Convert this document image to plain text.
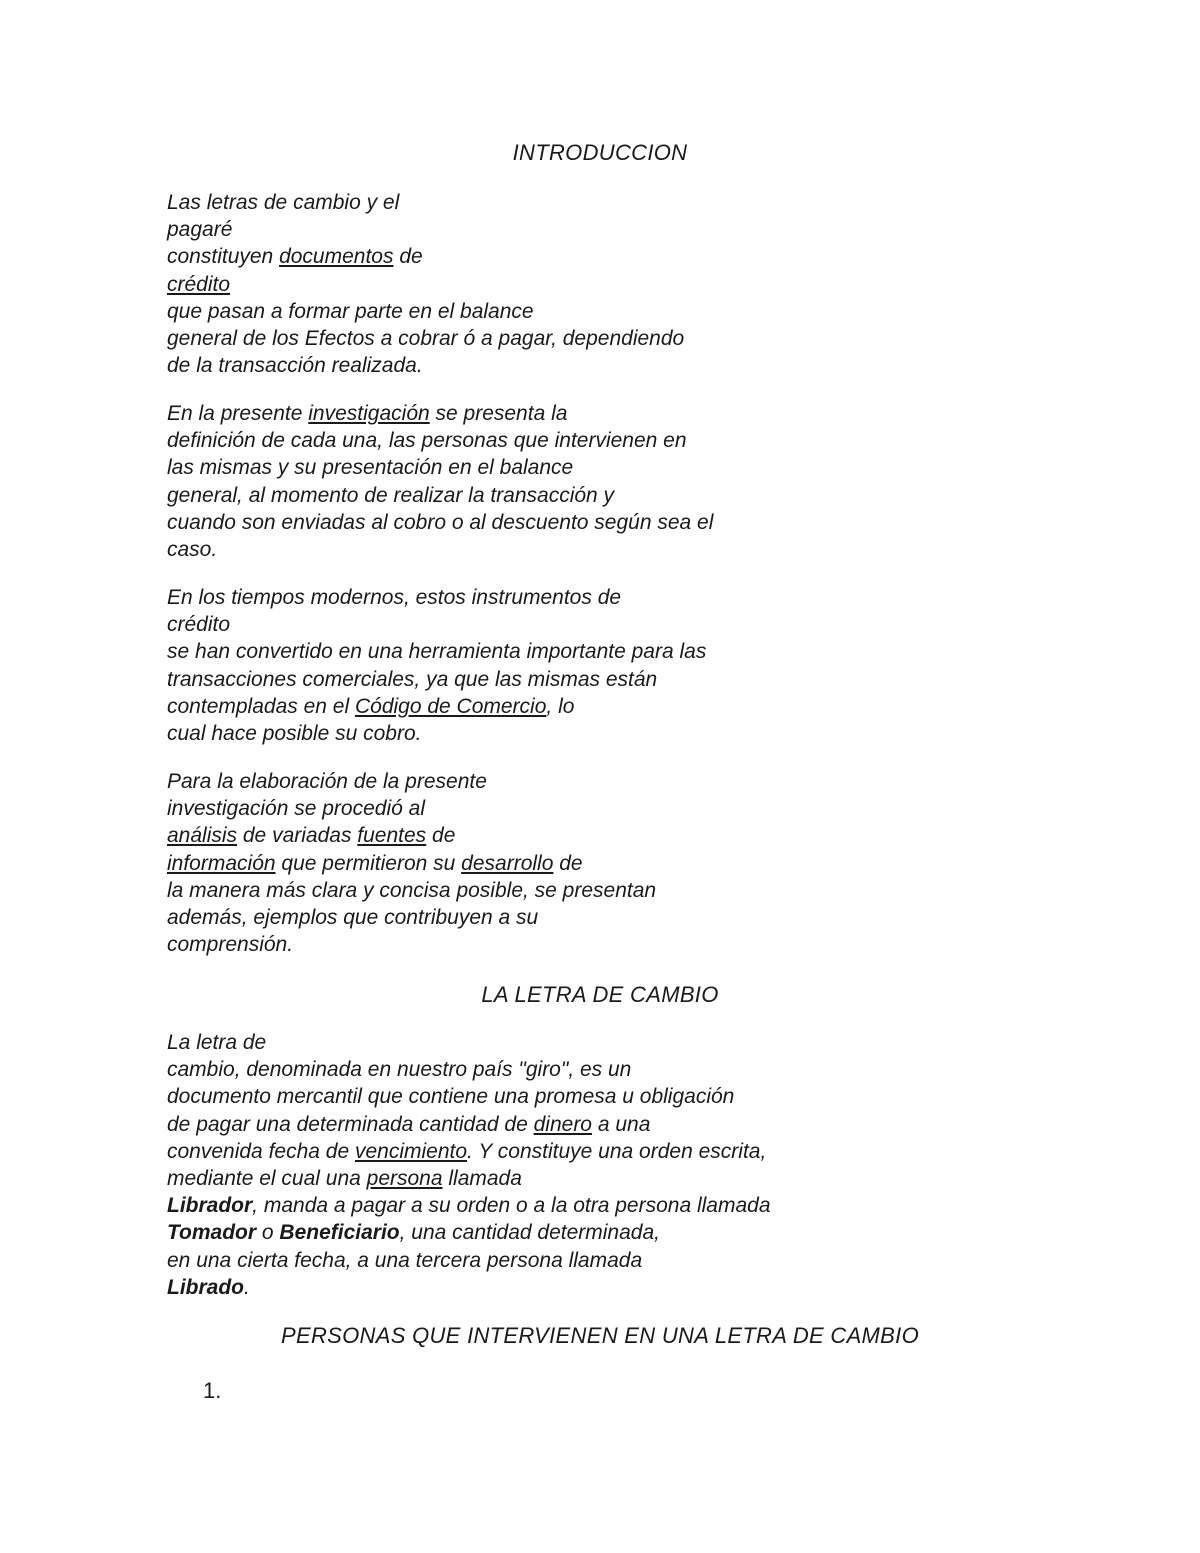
INTRODUCCION
Las letras de cambio y el
pagaré
constituyen documentos de
crédito
que pasan a formar parte en el balance
general de los Efectos a cobrar ó a pagar, dependiendo
de la transacción realizada.
En la presente investigación se presenta la
definición de cada una, las personas que intervienen en
las mismas y su presentación en el balance
general, al momento de realizar la transacción y
cuando son enviadas al cobro o al descuento según sea el
caso.
En los tiempos modernos, estos instrumentos de
crédito
se han convertido en una herramienta importante para las
transacciones comerciales, ya que las mismas están
contempladas en el Código de Comercio, lo
cual hace posible su cobro.
Para la elaboración de la presente
investigación se procedió al
análisis de variadas fuentes de
información que permitieron su desarrollo de
la manera más clara y concisa posible, se presentan
además, ejemplos que contribuyen a su
comprensión.
LA LETRA DE CAMBIO
La letra de
cambio, denominada en nuestro país "giro", es un
documento mercantil que contiene una promesa u obligación
de pagar una determinada cantidad de dinero a una
convenida fecha de vencimiento. Y constituye una orden escrita,
mediante el cual una persona llamada
Librador, manda a pagar a su orden o a la otra persona llamada
Tomador o Beneficiario, una cantidad determinada,
en una cierta fecha, a una tercera persona llamada
Librado.
PERSONAS QUE INTERVIENEN EN UNA LETRA DE CAMBIO
1.
